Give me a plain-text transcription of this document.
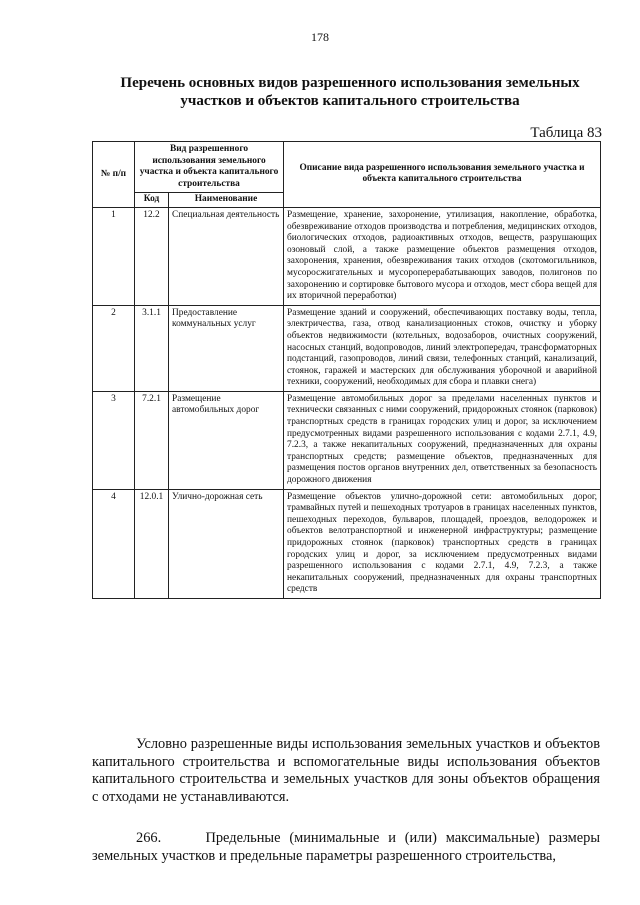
178
Перечень основных видов разрешенного использования земельных участков и объектов капитального строительства
Таблица 83
№ п/п	Вид разрешенного использования земельного участка и объекта капитального строительства		Описание вида разрешенного использования земельного участка и объекта капитального строительства
	Код	Наименование	
1	12.2	Специальная деятельность	Размещение, хранение, захоронение, утилизация, накопление, обработка, обезвреживание отходов производства и потребления, медицинских отходов, биологических отходов, радиоактивных отходов, веществ, разрушающих озоновый слой, а также размещение объектов размещения отходов, захоронения, хранения, обезвреживания таких отходов (скотомогильников, мусоросжигательных и мусороперерабатывающих заводов, полигонов по захоронению и сортировке бытового мусора и отходов, мест сбора вещей для их вторичной переработки)
2	3.1.1	Предоставление коммунальных услуг	Размещение зданий и сооружений, обеспечивающих поставку воды, тепла, электричества, газа, отвод канализационных стоков, очистку и уборку объектов недвижимости (котельных, водозаборов, очистных сооружений, насосных станций, водопроводов, линий электропередач, трансформаторных подстанций, газопроводов, линий связи, телефонных станций, канализаций, стоянок, гаражей и мастерских для обслуживания уборочной и аварийной техники, сооружений, необходимых для сбора и плавки снега)
3	7.2.1	Размещение автомобильных дорог	Размещение автомобильных дорог за пределами населенных пунктов и технически связанных с ними сооружений, придорожных стоянок (парковок) транспортных средств в границах городских улиц и дорог, за исключением предусмотренных видами разрешенного использования с кодами 2.7.1, 4.9, 7.2.3, а также некапитальных сооружений, предназначенных для охраны транспортных средств; размещение объектов, предназначенных для размещения постов органов внутренних дел, ответственных за безопасность дорожного движения
4	12.0.1	Улично-дорожная сеть	Размещение объектов улично-дорожной сети: автомобильных дорог, трамвайных путей и пешеходных тротуаров в границах населенных пунктов, пешеходных переходов, бульваров, площадей, проездов, велодорожек и объектов велотранспортной и инженерной инфраструктуры; размещение придорожных стоянок (парковок) транспортных средств в границах городских улиц и дорог, за исключением предусмотренных видами разрешенного использования с кодами 2.7.1, 4.9, 7.2.3, а также некапитальных сооружений, предназначенных для охраны транспортных средств
Условно разрешенные виды использования земельных участков и объектов капитального строительства и вспомогательные виды использования объектов капитального строительства и земельных участков для зоны объектов обращения с отходами не устанавливаются.
266.     Предельные (минимальные и (или) максимальные) размеры земельных участков и предельные параметры разрешенного строительства,
